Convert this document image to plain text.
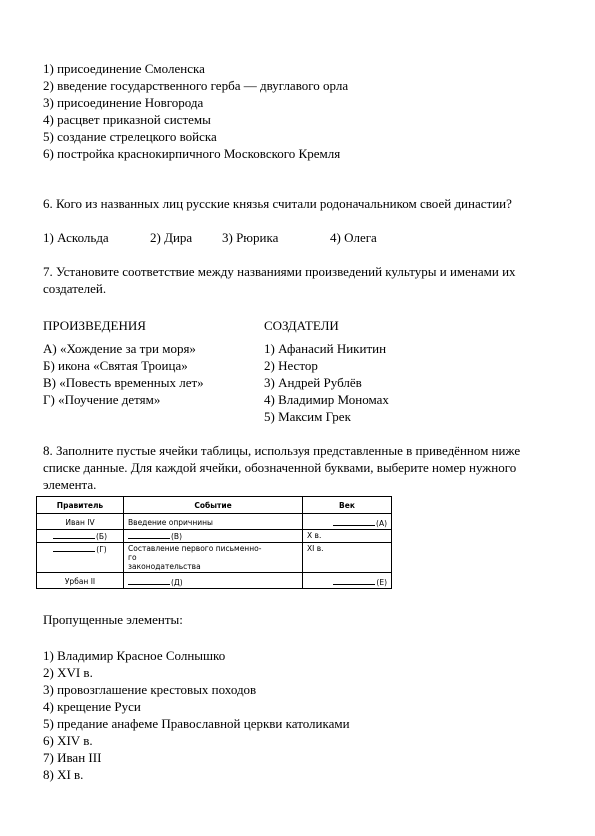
1) присоединение Смоленска
2) введение государственного герба — двуглавого орла
3) присоединение Новгорода
4) расцвет приказной системы
5) создание стрелецкого войска
6) постройка краснокирпичного Московского Кремля
6. Кого из названных лиц русские князья считали родоначальником своей династии?
1) Аскольда	2) Дира 3) Рюрика	4) Олега
7. Установите соответствие между названиями произведений культуры и именами их
создателей.
ПРОИЗВЕДЕНИЯ	СОЗДАТЕЛИ
А) «Хождение за три моря»
Б) икона «Святая Троица»
В) «Повесть временных лет»
Г) «Поучение детям»
1) Афанасий Никитин
2) Нестор
3) Андрей Рублёв
4) Владимир Мономах
5) Максим Грек
8. Заполните пустые ячейки таблицы, используя представленные в приведённом ниже
списке данные. Для каждой ячейки, обозначенной буквами, выберите номер нужного
элемента.
Правитель	Событие	Век
Иван IV	Введение опричнины	(А)
(Б)	(В)	Х в.
(Г)	Составление первого письменно-
го
законодательства	XI в.
Урбан II	(Д)	(Е)
Пропущенные элементы:
1) Владимир Красное Солнышко
2) XVI в.
3) провозглашение крестовых походов
4) крещение Руси
5) предание анафеме Православной церкви католиками
6) XIV в.
7) Иван III
8) XI в.
